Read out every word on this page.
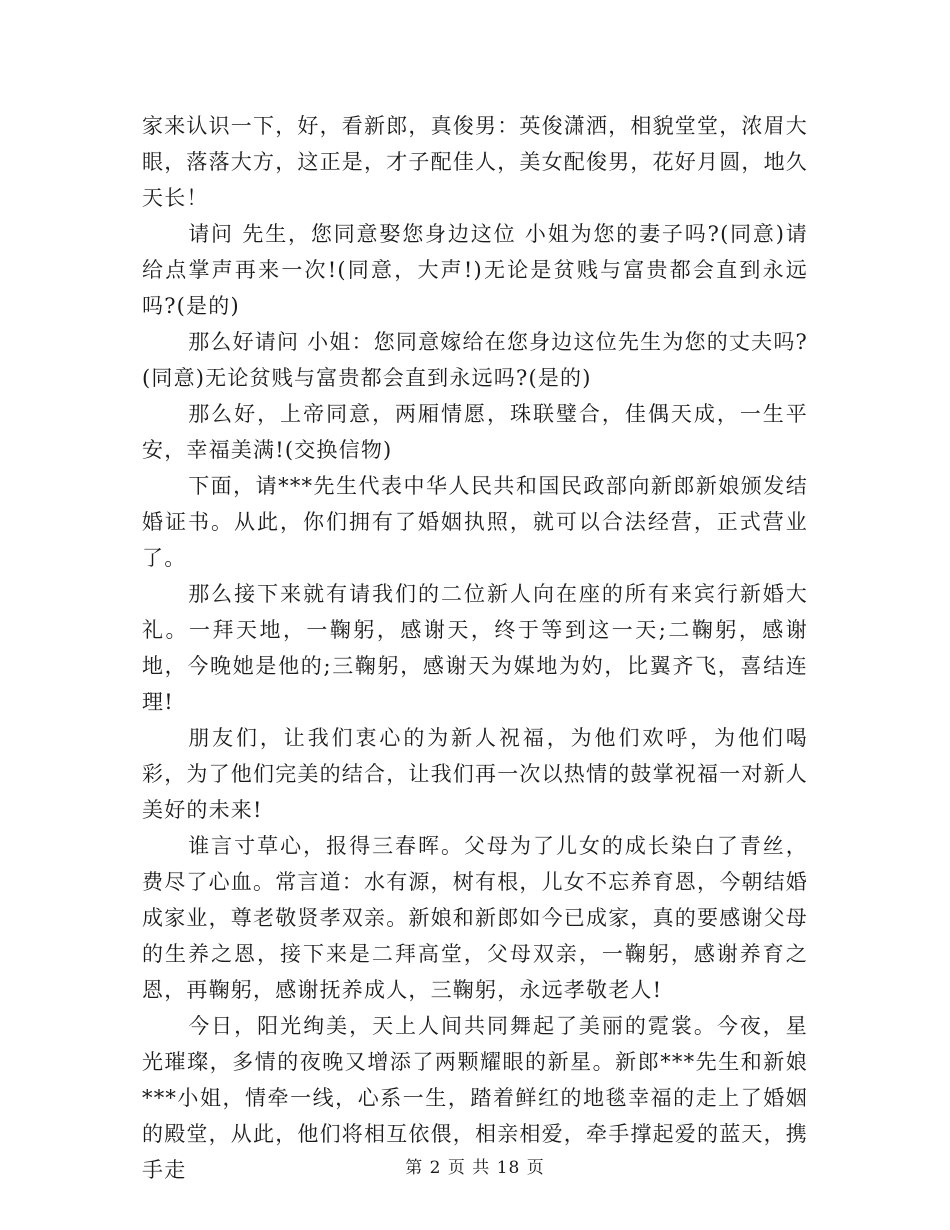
家来认识一下，好，看新郎，真俊男：英俊潇洒，相貌堂堂，浓眉大眼，落落大方，这正是，才子配佳人，美女配俊男，花好月圆，地久天长！

请问 先生，您同意娶您身边这位 小姐为您的妻子吗?(同意)请给点掌声再来一次!(同意，大声!)无论是贫贱与富贵都会直到永远吗?(是的)

那么好请问 小姐：您同意嫁给在您身边这位先生为您的丈夫吗?(同意)无论贫贱与富贵都会直到永远吗?(是的)

那么好，上帝同意，两厢情愿，珠联璧合，佳偶天成，一生平安，幸福美满!(交换信物)

下面，请***先生代表中华人民共和国民政部向新郎新娘颁发结婚证书。从此，你们拥有了婚姻执照，就可以合法经营，正式营业了。

那么接下来就有请我们的二位新人向在座的所有来宾行新婚大礼。一拜天地，一鞠躬，感谢天，终于等到这一天;二鞠躬，感谢地，今晚她是他的;三鞠躬，感谢天为媒地为妁，比翼齐飞，喜结连理!

朋友们，让我们衷心的为新人祝福，为他们欢呼，为他们喝彩，为了他们完美的结合，让我们再一次以热情的鼓掌祝福一对新人美好的未来!

谁言寸草心，报得三春晖。父母为了儿女的成长染白了青丝，费尽了心血。常言道：水有源，树有根，儿女不忘养育恩，今朝结婚成家业，尊老敬贤孝双亲。新娘和新郎如今已成家，真的要感谢父母的生养之恩，接下来是二拜高堂，父母双亲，一鞠躬，感谢养育之恩，再鞠躬，感谢抚养成人，三鞠躬，永远孝敬老人!

今日，阳光绚美，天上人间共同舞起了美丽的霓裳。今夜，星光璀璨，多情的夜晚又增添了两颗耀眼的新星。新郎***先生和新娘***小姐，情牵一线，心系一生，踏着鲜红的地毯幸福的走上了婚姻的殿堂，从此，他们将相互依偎，相亲相爱，牵手撑起爱的蓝天，携手走	第 2 页 共 18 页
